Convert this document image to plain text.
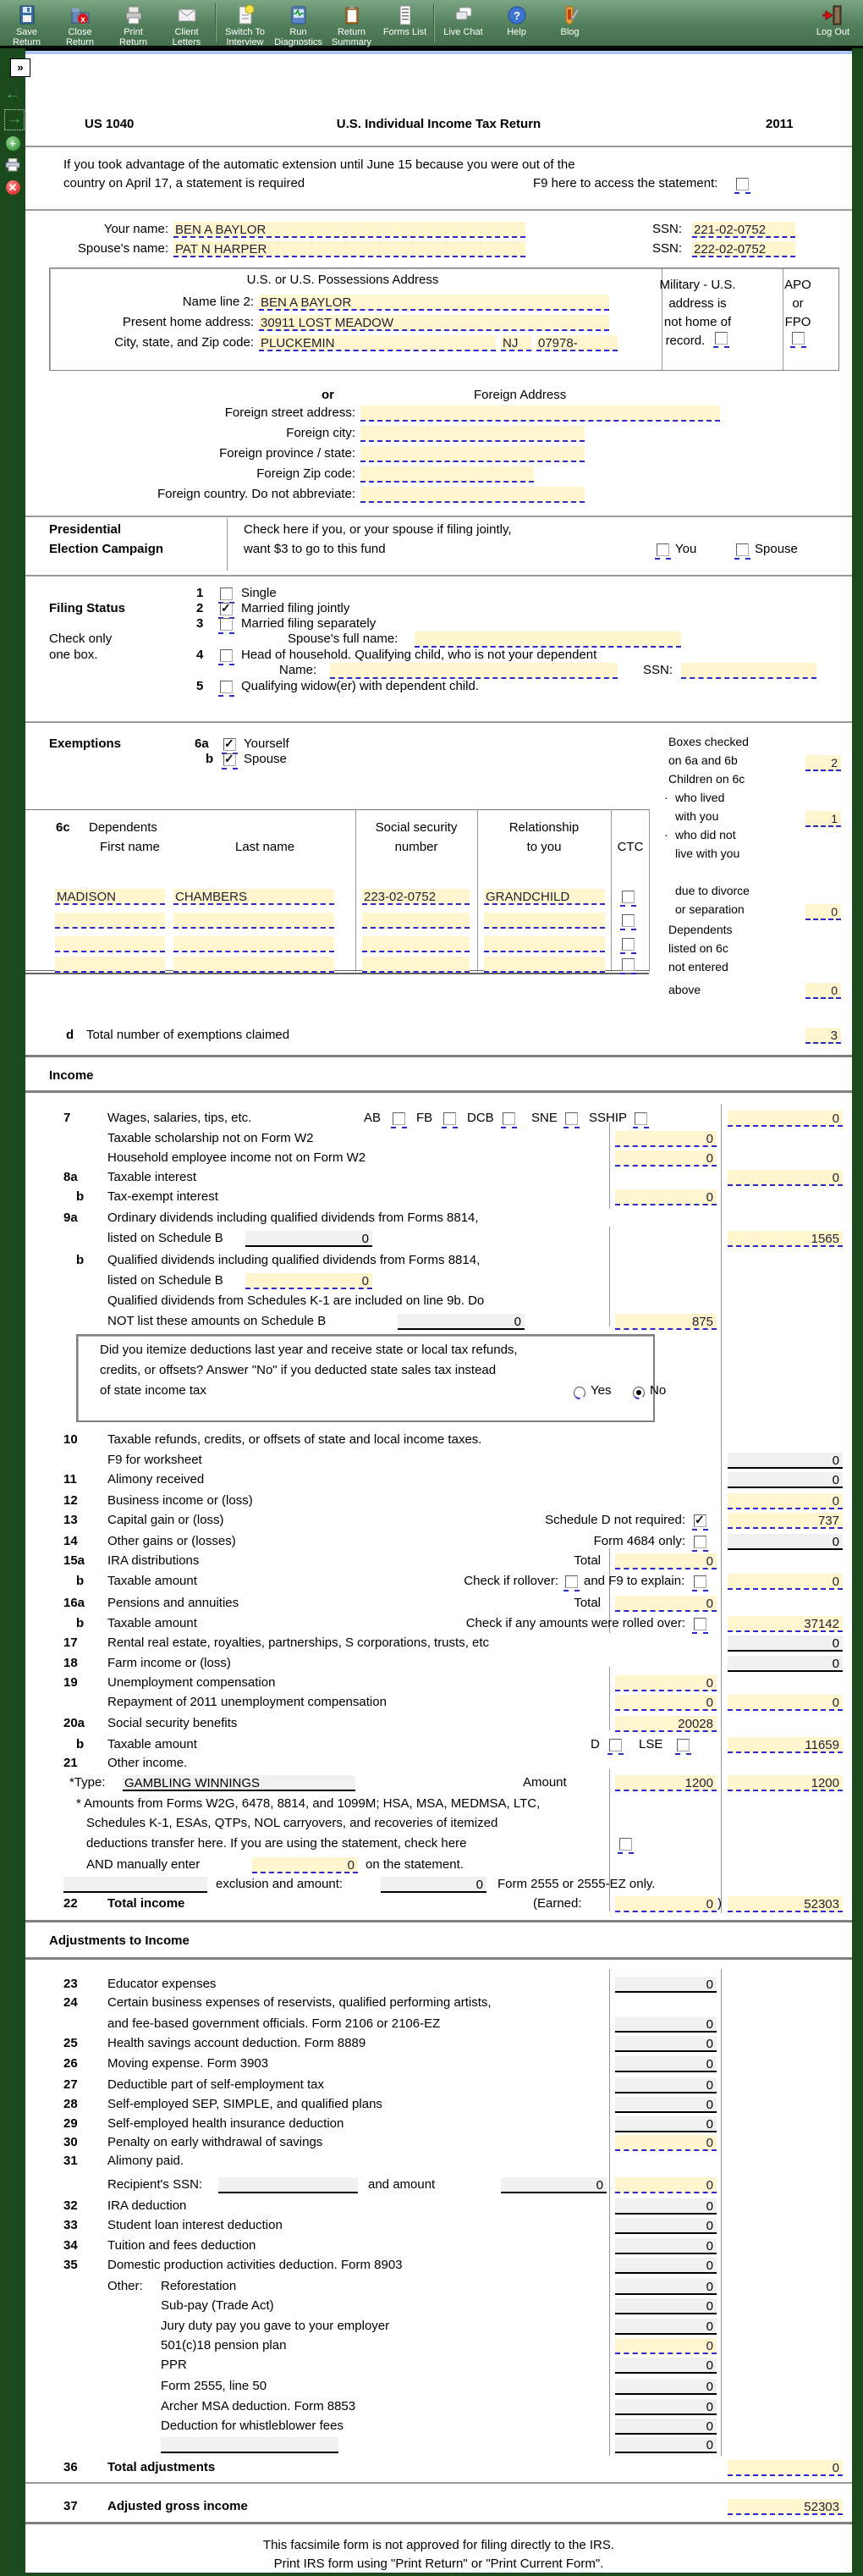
Save
Return
x
Close
Return
Print
Return
Client
Letters
Switch To
Interview
Run
Diagnostics
Return
Summary
Forms List	Live Chat
?
Help	Blog	Log Out
»
←
→
+
✕
US 1040	U.S. Individual Income Tax Return	2011
If you took advantage of the automatic extension until June 15 because you were out of the
country on April 17, a statement is required	F9 here to access the statement:
Your name: BEN A BAYLOR	SSN: 221-02-0752
Spouse's name: PAT N HARPER	SSN: 222-02-0752
U.S. or U.S. Possessions Address
Name line 2: BEN A BAYLOR
Present home address: 30911 LOST MEADOW
City, state, and Zip code: PLUCKEMIN	NJ	07978-
Military - U.S.
address is
not home of
record.
APO
or
FPO
or	Foreign Address
Foreign street address:
Foreign city:
Foreign province / state:
Foreign Zip code:
Foreign country. Do not abbreviate:
Presidential	Check here if you, or your spouse if filing jointly,
Election Campaign	want $3 to go to this fund	You	Spouse
1	Single
Filing Status	2 ✓	Married filing jointly
3	Married filing separately
Check only	Spouse's full name:
one box.	4	Head of household. Qualifying child, who is not your dependent
Name:	SSN:
5	Qualifying widow(er) with dependent child.
Exemptions	6a ✓	Yourself
b ✓ Spouse
Boxes checked
on 6a and 6b	2
Children on 6c
· who lived
with you	1
· who did not
live with you
due to divorce
or separation	0
Dependents
listed on 6c
not entered
above	0
6c Dependents
First name	Last name
Social security
number
Relationship
to you	CTC
MADISON	CHAMBERS	223-02-0752	GRANDCHILD
d Total number of exemptions claimed	3
Income
7	Wages, salaries, tips, etc.	AB	FB	DCB	SNE SSHIP	0
Taxable scholarship not on Form W2	0
Household employee income not on Form W2	0
8a Taxable interest	0
b Tax-exempt interest	0
9a Ordinary dividends including qualified dividends from Forms 8814,
listed on Schedule B	0	1565
b Qualified dividends including qualified dividends from Forms 8814,
listed on Schedule B	0
Qualified dividends from Schedules K-1 are included on line 9b. Do
NOT list these amounts on Schedule B	0	875
Did you itemize deductions last year and receive state or local tax refunds,
credits, or offsets? Answer "No" if you deducted state sales tax instead
of state income tax	Yes	No
10 Taxable refunds, credits, or offsets of state and local income taxes.
F9 for worksheet	0
11 Alimony received	0
12 Business income or (loss)	0
13 Capital gain or (loss)	Schedule D not required: ✓	737
14 Other gains or (losses)	Form 4684 only:	0
15a IRA distributions	Total	0
b Taxable amount	Check if rollover: and F9 to explain:	0
16a Pensions and annuities	Total	0
b Taxable amount	Check if any amounts were rolled over:	37142
17 Rental real estate, royalties, partnerships, S corporations, trusts, etc	0
18 Farm income or (loss)	0
19 Unemployment compensation	0
Repayment of 2011 unemployment compensation	0	0
20a Social security benefits	20028
b Taxable amount	D	LSE	11659
21 Other income.
*Type: GAMBLING WINNINGS	Amount	1200	1200
* Amounts from Forms W2G, 6478, 8814, and 1099M; HSA, MSA, MEDMSA, LTC,
Schedules K-1, ESAs, QTPs, NOL carryovers, and recoveries of itemized
deductions transfer here. If you are using the statement, check here
AND manually enter	0 on the statement.
exclusion and amount:	0 Form 2555 or 2555-EZ only.
22 Total income	(Earned:	0 )	52303
Adjustments to Income
23 Educator expenses	0
24 Certain business expenses of reservists, qualified performing artists,
and fee-based government officials. Form 2106 or 2106-EZ	0
25 Health savings account deduction. Form 8889	0
26 Moving expense. Form 3903	0
27 Deductible part of self-employment tax	0
28 Self-employed SEP, SIMPLE, and qualified plans	0
29 Self-employed health insurance deduction	0
30 Penalty on early withdrawal of savings	0
31 Alimony paid.
Recipient's SSN:	and amount	0	0
32 IRA deduction	0
33 Student loan interest deduction	0
34 Tuition and fees deduction	0
35 Domestic production activities deduction. Form 8903	0
Other: Reforestation	0
Sub-pay (Trade Act)	0
Jury duty pay you gave to your employer	0
501(c)18 pension plan	0
PPR	0
Form 2555, line 50	0
Archer MSA deduction. Form 8853	0
Deduction for whistleblower fees	0
0
36 Total adjustments	0
37 Adjusted gross income	52303
This facsimile form is not approved for filing directly to the IRS.
Print IRS form using "Print Return" or "Print Current Form".
